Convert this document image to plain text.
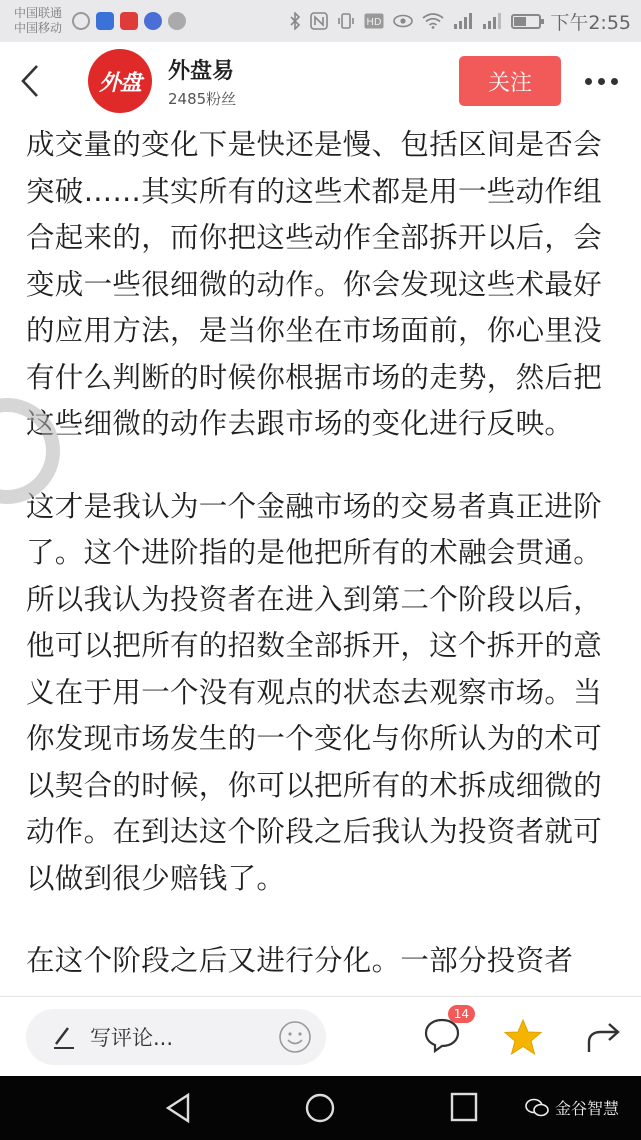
中国联通
中国移动	HD	下午2:55
外盘	外盘易
2485粉丝
关注

成交量的变化下是快还是慢、包括区间是否会突破……其实所有的这些术都是用一些动作组合起来的，而你把这些动作全部拆开以后，会变成一些很细微的动作。你会发现这些术最好的应用方法，是当你坐在市场面前，你心里没有什么判断的时候你根据市场的走势，然后把这些细微的动作去跟市场的变化进行反映。

这才是我认为一个金融市场的交易者真正进阶了。这个进阶指的是他把所有的术融会贯通。所以我认为投资者在进入到第二个阶段以后，他可以把所有的招数全部拆开，这个拆开的意义在于用一个没有观点的状态去观察市场。当你发现市场发生的一个变化与你所认为的术可以契合的时候，你可以把所有的术拆成细微的动作。在到达这个阶段之后我认为投资者就可以做到很少赔钱了。

在这个阶段之后又进行分化。一部分投资者

写评论...
14
金谷智慧
